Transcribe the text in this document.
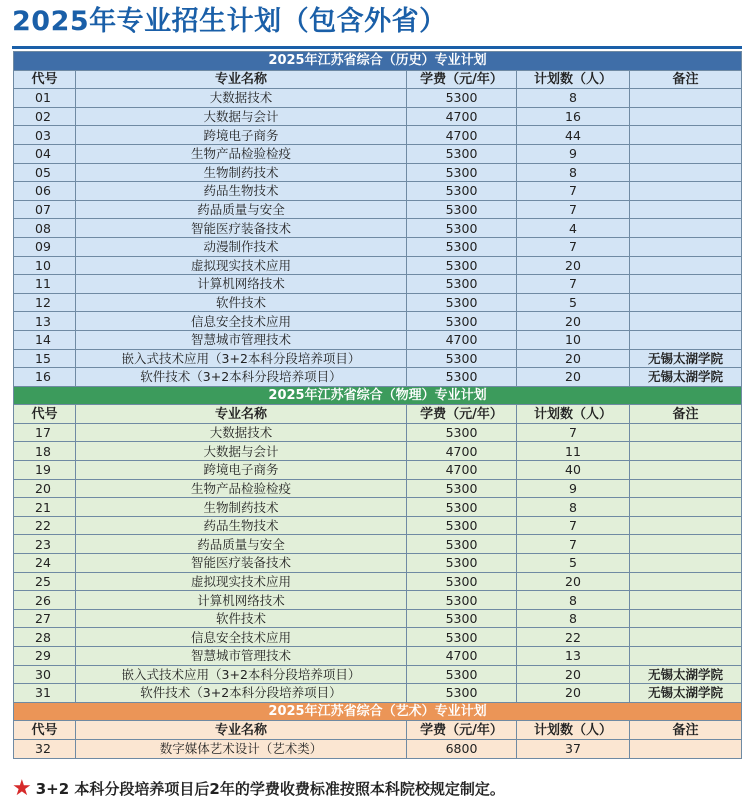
2025年专业招生计划（包含外省）
2025年江苏省综合（历史）专业计划				
代号	专业名称	学费（元/年）	计划数（人）	备注
01	大数据技术	5300	8	
02	大数据与会计	4700	16	
03	跨境电子商务	4700	44	
04	生物产品检验检疫	5300	9	
05	生物制药技术	5300	8	
06	药品生物技术	5300	7	
07	药品质量与安全	5300	7	
08	智能医疗装备技术	5300	4	
09	动漫制作技术	5300	7	
10	虚拟现实技术应用	5300	20	
11	计算机网络技术	5300	7	
12	软件技术	5300	5	
13	信息安全技术应用	5300	20	
14	智慧城市管理技术	4700	10	
15	嵌入式技术应用（3+2本科分段培养项目）	5300	20	无锡太湖学院
16	软件技术（3+2本科分段培养项目）	5300	20	无锡太湖学院
2025年江苏省综合（物理）专业计划				
代号	专业名称	学费（元/年）	计划数（人）	备注
17	大数据技术	5300	7	
18	大数据与会计	4700	11	
19	跨境电子商务	4700	40	
20	生物产品检验检疫	5300	9	
21	生物制药技术	5300	8	
22	药品生物技术	5300	7	
23	药品质量与安全	5300	7	
24	智能医疗装备技术	5300	5	
25	虚拟现实技术应用	5300	20	
26	计算机网络技术	5300	8	
27	软件技术	5300	8	
28	信息安全技术应用	5300	22	
29	智慧城市管理技术	4700	13	
30	嵌入式技术应用（3+2本科分段培养项目）	5300	20	无锡太湖学院
31	软件技术（3+2本科分段培养项目）	5300	20	无锡太湖学院
2025年江苏省综合（艺术）专业计划				
代号	专业名称	学费（元/年）	计划数（人）	备注
32	数字媒体艺术设计（艺术类）	6800	37	
★ 3+2 本科分段培养项目后2年的学费收费标准按照本科院校规定制定。
